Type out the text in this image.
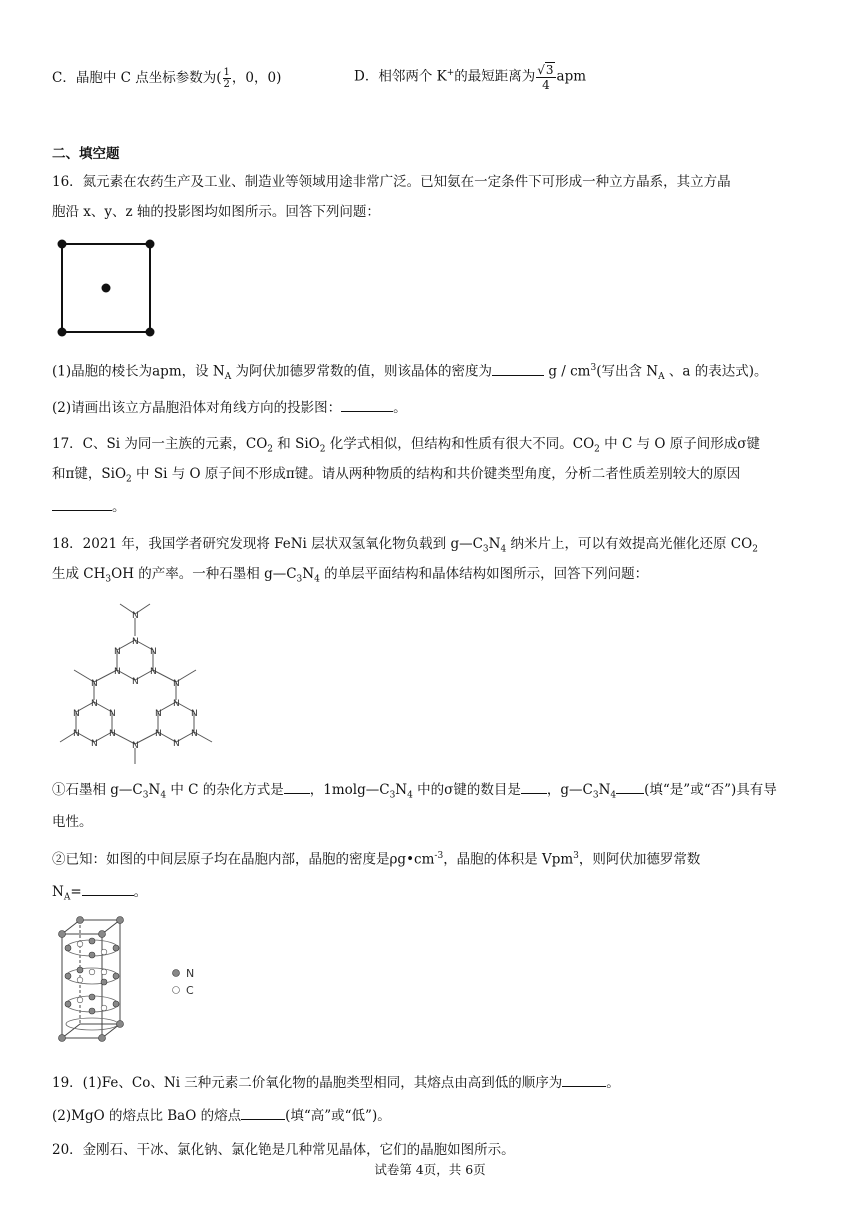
C．晶胞中 C 点坐标参数为( $\frac{1}{2}$ ，0，0)	D．相邻两个 K+的最短距离为 $\frac{√3}{4}$ apm
二、填空题
16．氮元素在农药生产及工业、制造业等领域用途非常广泛。已知氨在一定条件下可形成一种立方晶系，其立方晶
胞沿 x、y、z 轴的投影图均如图所示。回答下列问题：
(1)晶胞的棱长为apm，设 $N_A$ 为阿伏加德罗常数的值，则该晶体的密度为	g / $cm^3$(写出含 $N_A$ 、a 的表达式)。
(2)请画出该立方晶胞沿体对角线方向的投影图：	。
17．C、Si 为同一主族的元素，$CO_2$ 和 SiO$_2$ 化学式相似，但结构和性质有很大不同。$CO_2$ 中 C 与 O 原子间形成σ键
和π键，SiO$_2$ 中 Si 与 O 原子间不形成π键。请从两种物质的结构和共价键类型角度，分析二者性质差别较大的原因
。
18．2021 年，我国学者研究发现将 FeNi 层状双氢氧化物负载到 $g—C_3N_4$ 纳米片上，可以有效提高光催化还原 $CO_2$
生成 $CH_3OH$ 的产率。一种石墨相 $g—C_3N_4$ 的单层平面结构和晶体结构如图所示，回答下列问题：
N
N
N
N
N	N
N
N	N
N
N
N
N	N
N
N
N
N
N	N
N
N
①石墨相 $g—C_3N_4$ 中 C 的杂化方式是 ，$1molg—C_3N_4$ 中的σ键的数目是 ，$g—C_3N_4$ (填“是”或“否”)具有导
电性。
②已知：如图的中间层原子均在晶胞内部，晶胞的密度是$\rho g•cm^{-3}$，晶胞的体积是 Vpm$^3$，则阿伏加德罗常数
$N_A=$	。
N
C
19．(1)Fe、Co、Ni 三种元素二价氧化物的晶胞类型相同，其熔点由高到低的顺序为	。
(2)MgO 的熔点比 BaO 的熔点	(填“高”或“低”)。
20．金刚石、干冰、氯化钠、氯化铯是几种常见晶体，它们的晶胞如图所示。
试卷第 4页，共 6页
